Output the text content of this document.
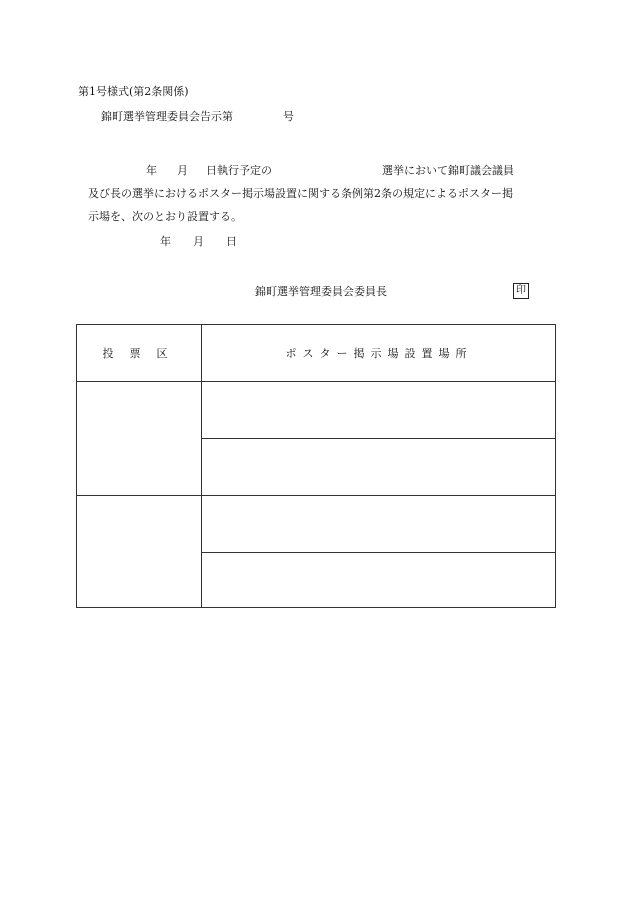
第1号様式(第2条関係)
錦町選挙管理委員会告示第	号
年 月 日執行予定の	選挙において錦町議会議員
及び長の選挙におけるポスター掲示場設置に関する条例第2条の規定によるポスター掲
示場を、次のとおり設置する。
年 月 日
錦町選挙管理委員会委員長	印
投票区	ポスター掲示場設置場所
